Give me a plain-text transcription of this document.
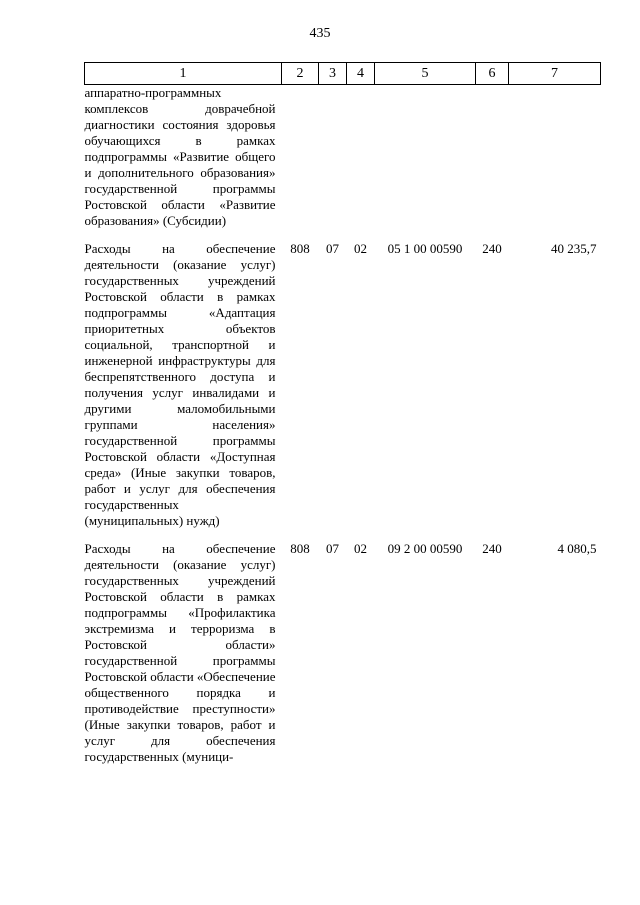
435
1	2	3	4	5	6	7
аппаратно-программных комплексов доврачебной диагностики состояния здоровья обучающихся в рамках подпрограммы «Развитие общего и дополнительного образования» государственной программы Ростовской области «Развитие образования» (Субсидии)						
Расходы на обеспечение деятельности (оказание услуг) государственных учреждений Ростовской области в рамках подпрограммы «Адаптация приоритетных объектов социальной, транспортной и инженерной инфраструктуры для беспрепятственного доступа и получения услуг инвалидами и другими маломобильными группами населения» государственной программы Ростовской области «Доступная среда» (Иные закупки товаров, работ и услуг для обеспечения государственных (муниципальных) нужд)	808	07	02	05 1 00 00590	240	40 235,7
Расходы на обеспечение деятельности (оказание услуг) государственных учреждений Ростовской области в рамках подпрограммы «Профилактика экстремизма и терроризма в Ростовской области» государственной программы Ростовской области «Обеспечение общественного порядка и противодействие преступности» (Иные закупки товаров, работ и услуг для обеспечения государственных (муници-	808	07	02	09 2 00 00590	240	4 080,5
